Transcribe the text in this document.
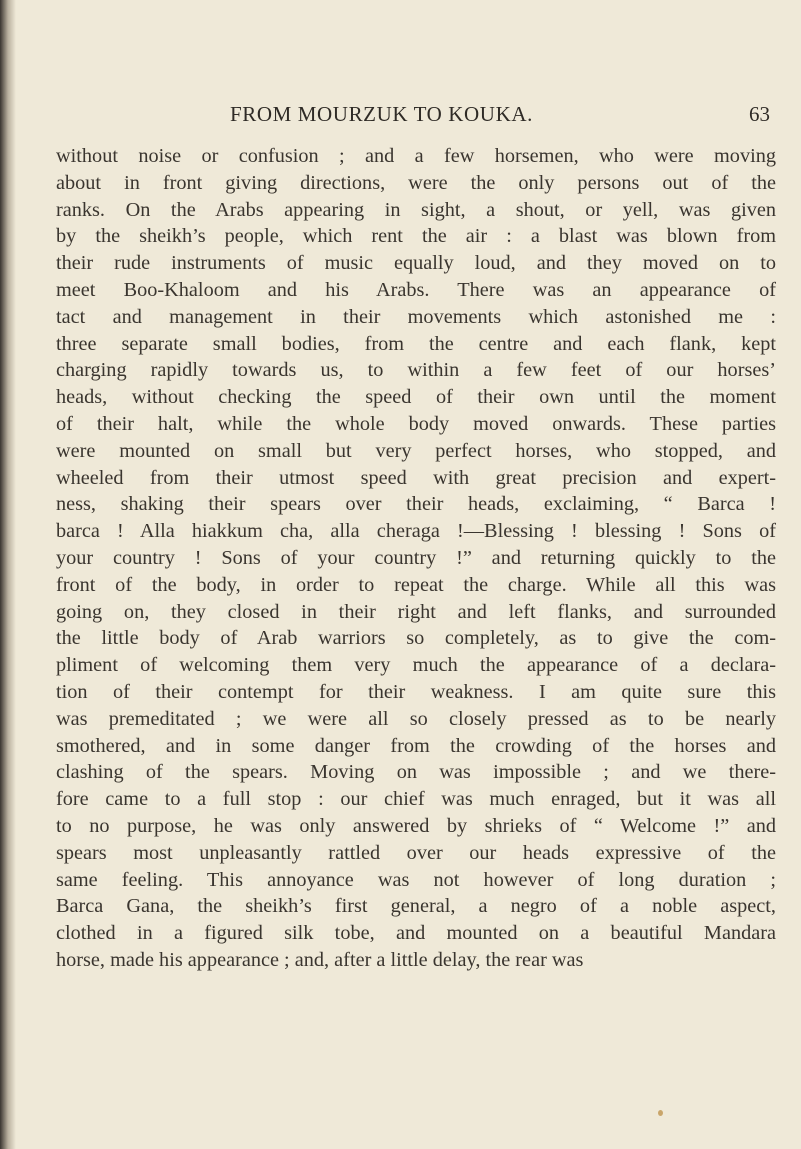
FROM MOURZUK TO KOUKA.	63

without noise or confusion ; and a few horsemen, who were moving
about in front giving directions, were the only persons out of the
ranks. On the Arabs appearing in sight, a shout, or yell, was given
by the sheikh’s people, which rent the air : a blast was blown from
their rude instruments of music equally loud, and they moved on to
meet Boo-Khaloom and his Arabs. There was an appearance of
tact and management in their movements which astonished me :
three separate small bodies, from the centre and each flank, kept
charging rapidly towards us, to within a few feet of our horses’
heads, without checking the speed of their own until the moment
of their halt, while the whole body moved onwards. These parties
were mounted on small but very perfect horses, who stopped, and
wheeled from their utmost speed with great precision and expert-
ness, shaking their spears over their heads, exclaiming, “ Barca !
barca ! Alla hiakkum cha, alla cheraga !—Blessing ! blessing ! Sons of
your country ! Sons of your country !” and returning quickly to the
front of the body, in order to repeat the charge. While all this was
going on, they closed in their right and left flanks, and surrounded
the little body of Arab warriors so completely, as to give the com-
pliment of welcoming them very much the appearance of a declara-
tion of their contempt for their weakness. I am quite sure this
was premeditated ; we were all so closely pressed as to be nearly
smothered, and in some danger from the crowding of the horses and
clashing of the spears. Moving on was impossible ; and we there-
fore came to a full stop : our chief was much enraged, but it was all
to no purpose, he was only answered by shrieks of “ Welcome !” and
spears most unpleasantly rattled over our heads expressive of the
same feeling. This annoyance was not however of long duration ;
Barca Gana, the sheikh’s first general, a negro of a noble aspect,
clothed in a figured silk tobe, and mounted on a beautiful Mandara
horse, made his appearance ; and, after a little delay, the rear was
